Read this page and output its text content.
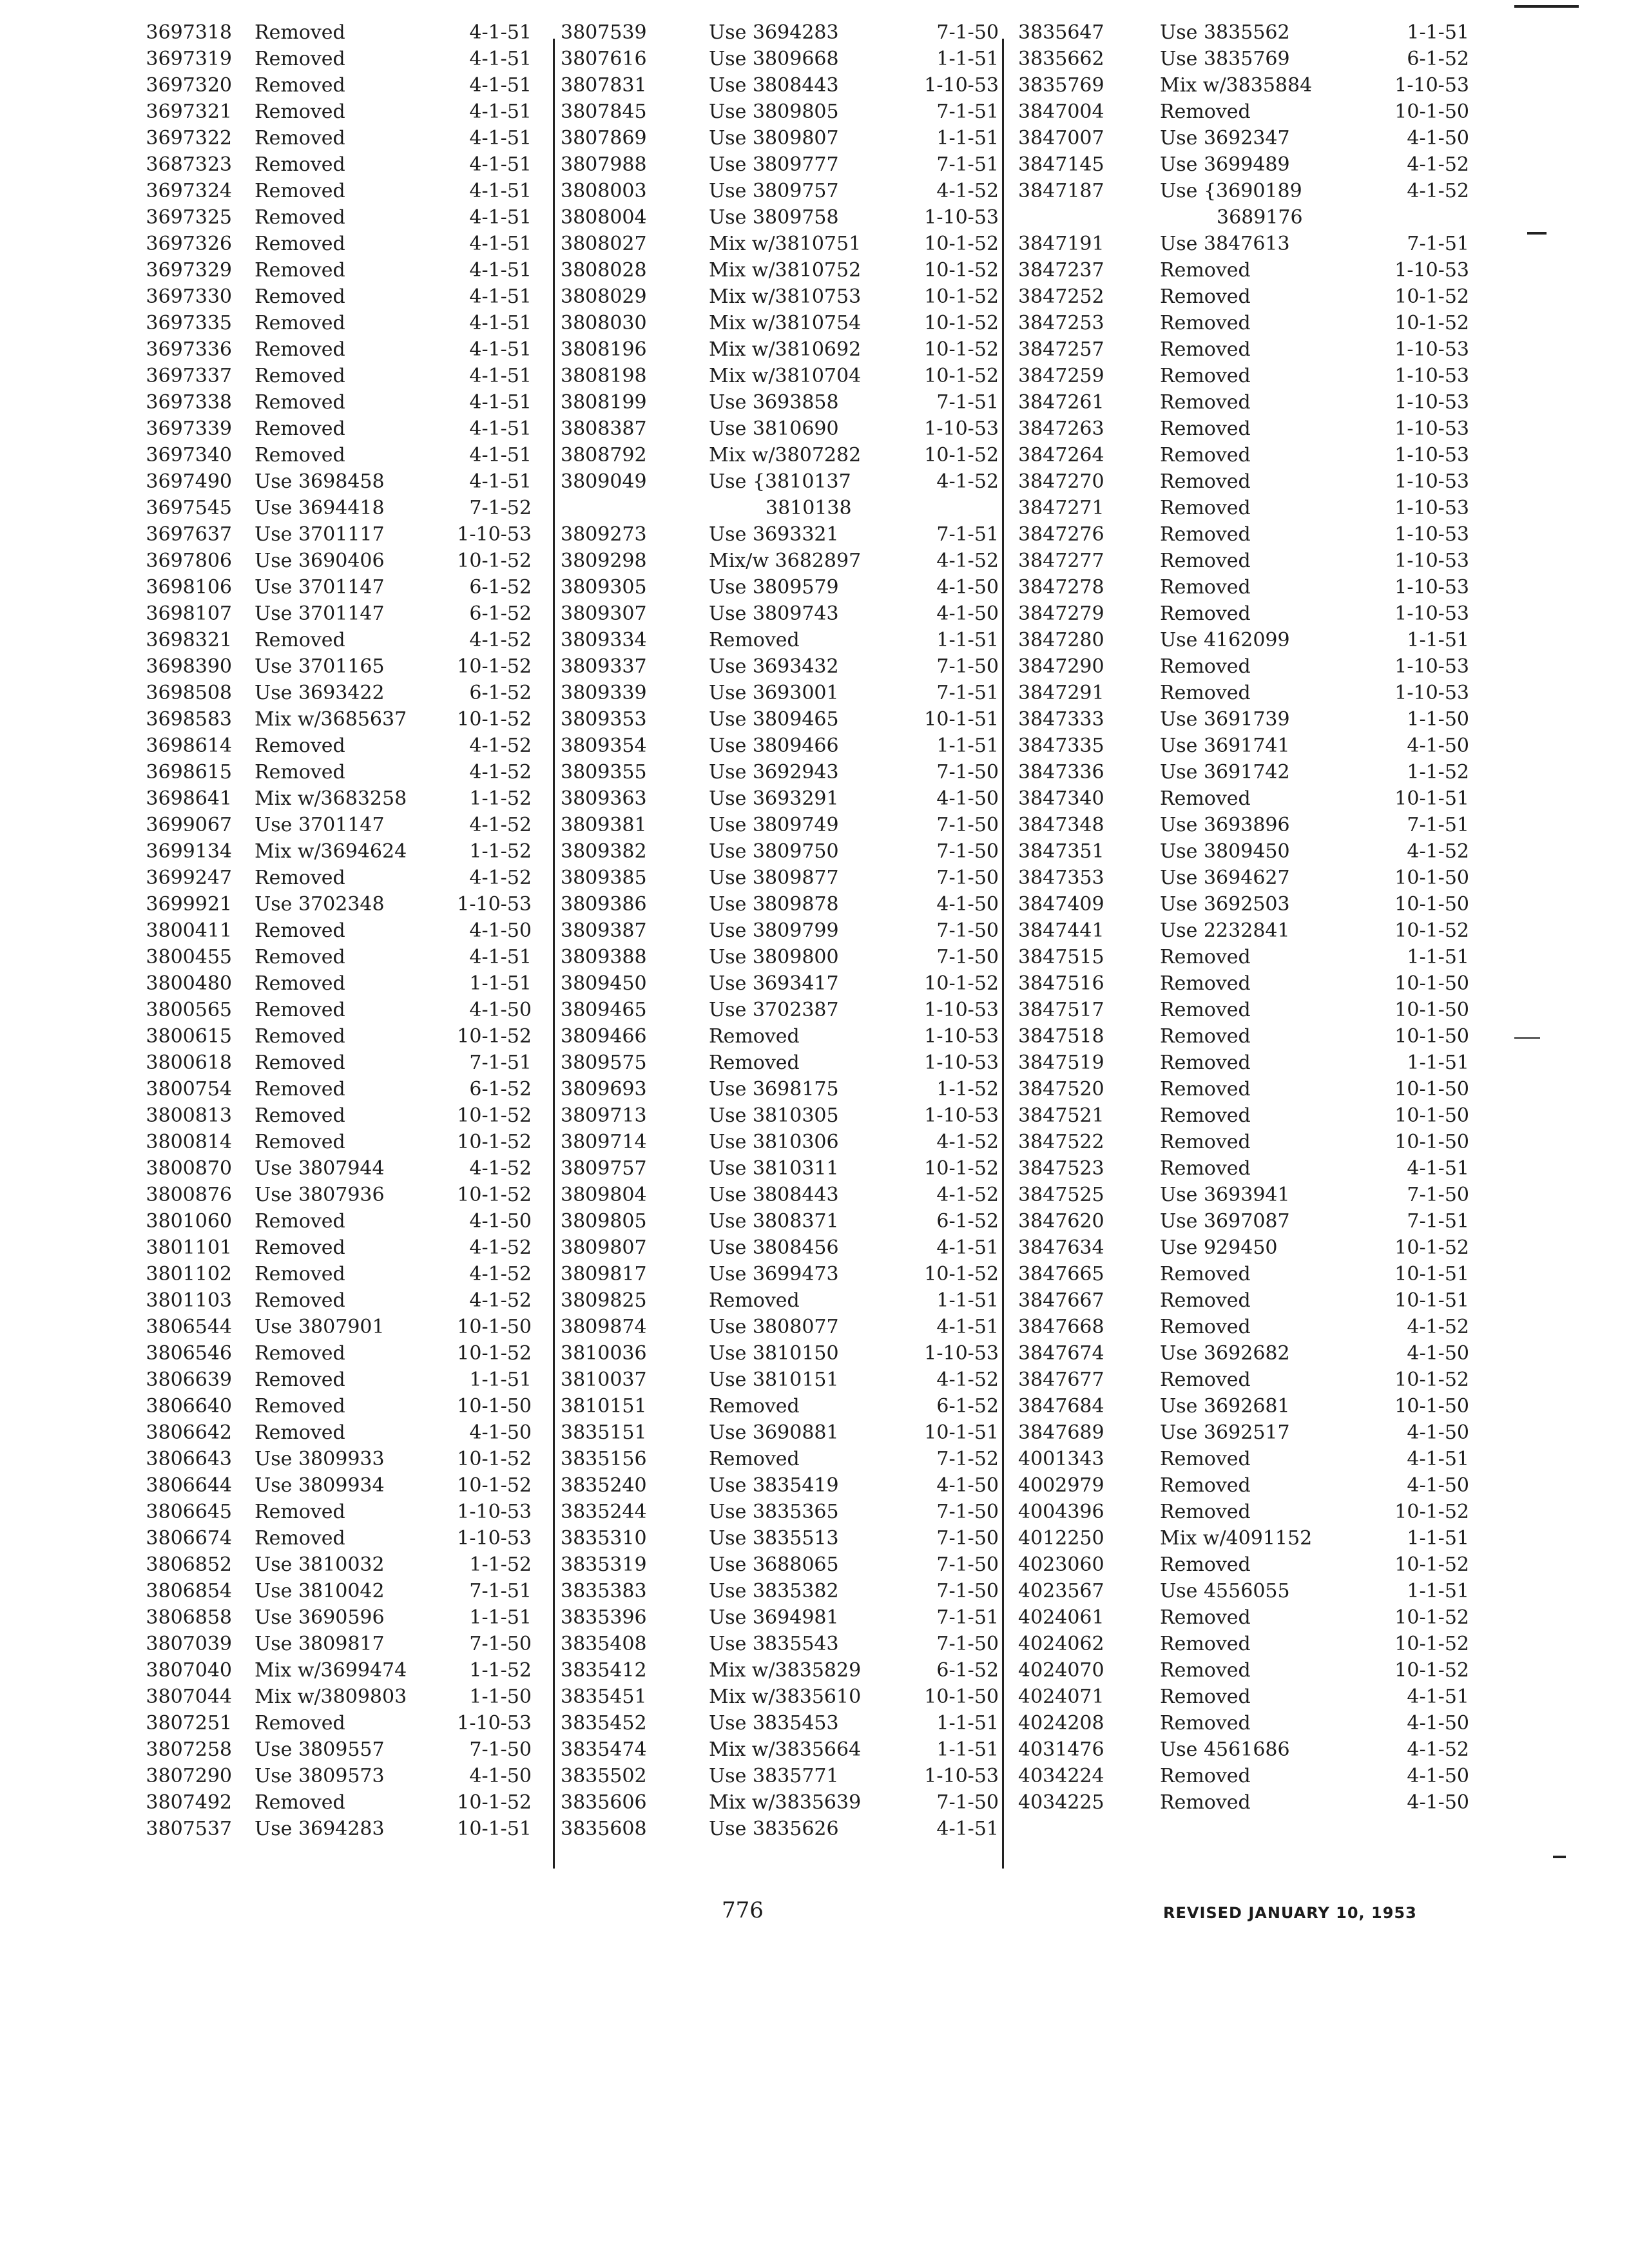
3697318 Removed	4-1-51
3697319 Removed	4-1-51
3697320 Removed	4-1-51
3697321 Removed	4-1-51
3697322 Removed	4-1-51
3687323 Removed	4-1-51
3697324 Removed	4-1-51
3697325 Removed	4-1-51
3697326 Removed	4-1-51
3697329 Removed	4-1-51
3697330 Removed	4-1-51
3697335 Removed	4-1-51
3697336 Removed	4-1-51
3697337 Removed	4-1-51
3697338 Removed	4-1-51
3697339 Removed	4-1-51
3697340 Removed	4-1-51
3697490 Use 3698458	4-1-51
3697545 Use 3694418	7-1-52
3697637 Use 3701117	1-10-53
3697806 Use 3690406	10-1-52
3698106 Use 3701147	6-1-52
3698107 Use 3701147	6-1-52
3698321 Removed	4-1-52
3698390 Use 3701165	10-1-52
3698508 Use 3693422	6-1-52
3698583 Mix w/3685637	10-1-52
3698614 Removed	4-1-52
3698615 Removed	4-1-52
3698641 Mix w/3683258	1-1-52
3699067 Use 3701147	4-1-52
3699134 Mix w/3694624	1-1-52
3699247 Removed	4-1-52
3699921 Use 3702348	1-10-53
3800411 Removed	4-1-50
3800455 Removed	4-1-51
3800480 Removed	1-1-51
3800565 Removed	4-1-50
3800615 Removed	10-1-52
3800618 Removed	7-1-51
3800754 Removed	6-1-52
3800813 Removed	10-1-52
3800814 Removed	10-1-52
3800870 Use 3807944	4-1-52
3800876 Use 3807936	10-1-52
3801060 Removed	4-1-50
3801101 Removed	4-1-52
3801102 Removed	4-1-52
3801103 Removed	4-1-52
3806544 Use 3807901	10-1-50
3806546 Removed	10-1-52
3806639 Removed	1-1-51
3806640 Removed	10-1-50
3806642 Removed	4-1-50
3806643 Use 3809933	10-1-52
3806644 Use 3809934	10-1-52
3806645 Removed	1-10-53
3806674 Removed	1-10-53
3806852 Use 3810032	1-1-52
3806854 Use 3810042	7-1-51
3806858 Use 3690596	1-1-51
3807039 Use 3809817	7-1-50
3807040 Mix w/3699474	1-1-52
3807044 Mix w/3809803	1-1-50
3807251 Removed	1-10-53
3807258 Use 3809557	7-1-50
3807290 Use 3809573	4-1-50
3807492 Removed	10-1-52
3807537 Use 3694283	10-1-51
3807539	Use 3694283	7-1-50
3807616	Use 3809668	1-1-51
3807831	Use 3808443	1-10-53
3807845	Use 3809805	7-1-51
3807869	Use 3809807	1-1-51
3807988	Use 3809777	7-1-51
3808003	Use 3809757	4-1-52
3808004	Use 3809758	1-10-53
3808027	Mix w/3810751	10-1-52
3808028	Mix w/3810752	10-1-52
3808029	Mix w/3810753	10-1-52
3808030	Mix w/3810754	10-1-52
3808196	Mix w/3810692	10-1-52
3808198	Mix w/3810704	10-1-52
3808199	Use 3693858	7-1-51
3808387	Use 3810690	1-10-53
3808792	Mix w/3807282	10-1-52
3809049	Use {3810137
3810138
4-1-52
3809273	Use 3693321	7-1-51
3809298	Mix/w 3682897	4-1-52
3809305	Use 3809579	4-1-50
3809307	Use 3809743	4-1-50
3809334	Removed	1-1-51
3809337	Use 3693432	7-1-50
3809339	Use 3693001	7-1-51
3809353	Use 3809465	10-1-51
3809354	Use 3809466	1-1-51
3809355	Use 3692943	7-1-50
3809363	Use 3693291	4-1-50
3809381	Use 3809749	7-1-50
3809382	Use 3809750	7-1-50
3809385	Use 3809877	7-1-50
3809386	Use 3809878	4-1-50
3809387	Use 3809799	7-1-50
3809388	Use 3809800	7-1-50
3809450	Use 3693417	10-1-52
3809465	Use 3702387	1-10-53
3809466	Removed	1-10-53
3809575	Removed	1-10-53
3809693	Use 3698175	1-1-52
3809713	Use 3810305	1-10-53
3809714	Use 3810306	4-1-52
3809757	Use 3810311	10-1-52
3809804	Use 3808443	4-1-52
3809805	Use 3808371	6-1-52
3809807	Use 3808456	4-1-51
3809817	Use 3699473	10-1-52
3809825	Removed	1-1-51
3809874	Use 3808077	4-1-51
3810036	Use 3810150	1-10-53
3810037	Use 3810151	4-1-52
3810151	Removed	6-1-52
3835151	Use 3690881	10-1-51
3835156	Removed	7-1-52
3835240	Use 3835419	4-1-50
3835244	Use 3835365	7-1-50
3835310	Use 3835513	7-1-50
3835319	Use 3688065	7-1-50
3835383	Use 3835382	7-1-50
3835396	Use 3694981	7-1-51
3835408	Use 3835543	7-1-50
3835412	Mix w/3835829	6-1-52
3835451	Mix w/3835610	10-1-50
3835452	Use 3835453	1-1-51
3835474	Mix w/3835664	1-1-51
3835502	Use 3835771	1-10-53
3835606	Mix w/3835639	7-1-50
3835608	Use 3835626	4-1-51
3835647	Use 3835562	1-1-51
3835662	Use 3835769	6-1-52
3835769	Mix w/3835884	1-10-53
3847004	Removed	10-1-50
3847007	Use 3692347	4-1-50
3847145	Use 3699489	4-1-52
3847187	Use {3690189
3689176
4-1-52
3847191	Use 3847613	7-1-51
3847237	Removed	1-10-53
3847252	Removed	10-1-52
3847253	Removed	10-1-52
3847257	Removed	1-10-53
3847259	Removed	1-10-53
3847261	Removed	1-10-53
3847263	Removed	1-10-53
3847264	Removed	1-10-53
3847270	Removed	1-10-53
3847271	Removed	1-10-53
3847276	Removed	1-10-53
3847277	Removed	1-10-53
3847278	Removed	1-10-53
3847279	Removed	1-10-53
3847280	Use 4162099	1-1-51
3847290	Removed	1-10-53
3847291	Removed	1-10-53
3847333	Use 3691739	1-1-50
3847335	Use 3691741	4-1-50
3847336	Use 3691742	1-1-52
3847340	Removed	10-1-51
3847348	Use 3693896	7-1-51
3847351	Use 3809450	4-1-52
3847353	Use 3694627	10-1-50
3847409	Use 3692503	10-1-50
3847441	Use 2232841	10-1-52
3847515	Removed	1-1-51
3847516	Removed	10-1-50
3847517	Removed	10-1-50
3847518	Removed	10-1-50
3847519	Removed	1-1-51
3847520	Removed	10-1-50
3847521	Removed	10-1-50
3847522	Removed	10-1-50
3847523	Removed	4-1-51
3847525	Use 3693941	7-1-50
3847620	Use 3697087	7-1-51
3847634	Use 929450	10-1-52
3847665	Removed	10-1-51
3847667	Removed	10-1-51
3847668	Removed	4-1-52
3847674	Use 3692682	4-1-50
3847677	Removed	10-1-52
3847684	Use 3692681	10-1-50
3847689	Use 3692517	4-1-50
4001343	Removed	4-1-51
4002979	Removed	4-1-50
4004396	Removed	10-1-52
4012250	Mix w/4091152	1-1-51
4023060	Removed	10-1-52
4023567	Use 4556055	1-1-51
4024061	Removed	10-1-52
4024062	Removed	10-1-52
4024070	Removed	10-1-52
4024071	Removed	4-1-51
4024208	Removed	4-1-50
4031476	Use 4561686	4-1-52
4034224	Removed	4-1-50
4034225	Removed	4-1-50
776	REVISED JANUARY 10, 1953
